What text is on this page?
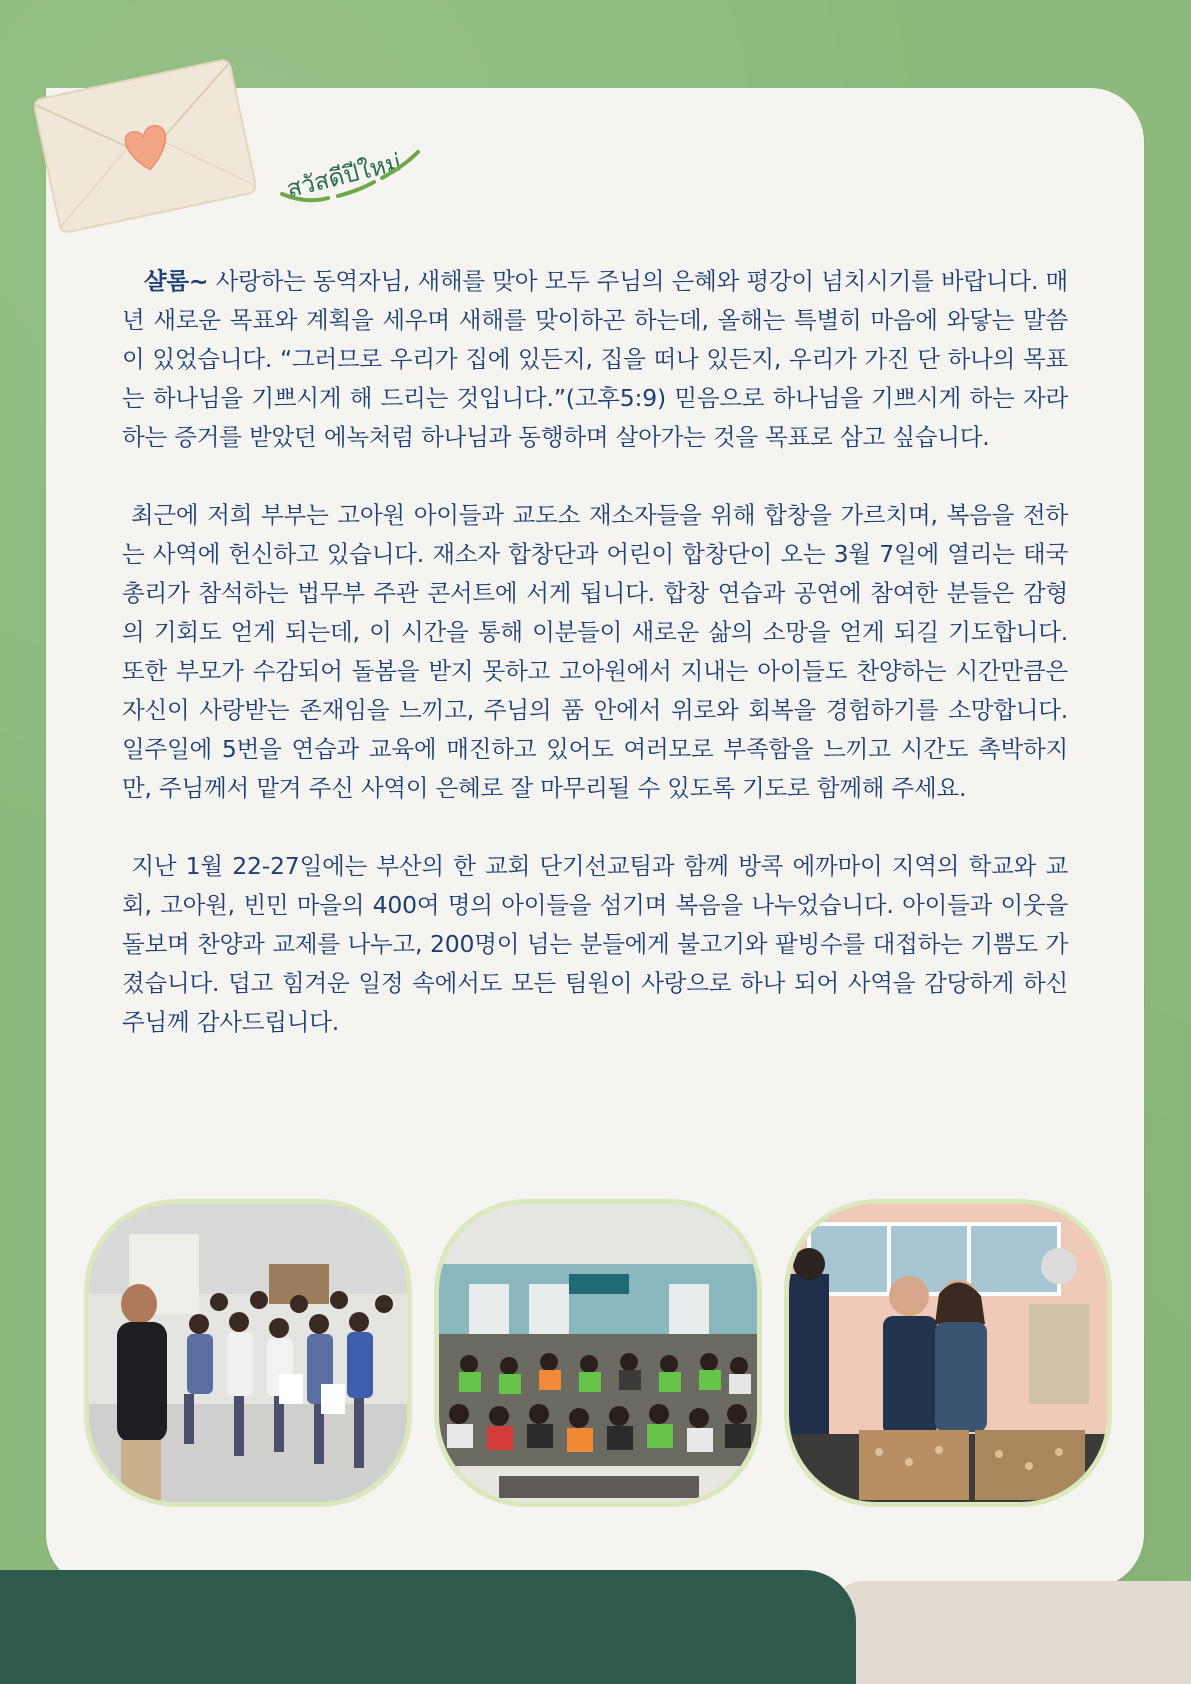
สวัสดีปีใหม่

샬롬~ 사랑하는 동역자님, 새해를 맞아 모두 주님의 은혜와 평강이 넘치시기를 바랍니다. 매년 새로운 목표와 계획을 세우며 새해를 맞이하곤 하는데, 올해는 특별히 마음에 와닿는 말씀이 있었습니다. “그러므로 우리가 집에 있든지, 집을 떠나 있든지, 우리가 가진 단 하나의 목표는 하나님을 기쁘시게 해 드리는 것입니다.”(고후5:9) 믿음으로 하나님을 기쁘시게 하는 자라 하는 증거를 받았던 에녹처럼 하나님과 동행하며 살아가는 것을 목표로 삼고 싶습니다.

최근에 저희 부부는 고아원 아이들과 교도소 재소자들을 위해 합창을 가르치며, 복음을 전하는 사역에 헌신하고 있습니다. 재소자 합창단과 어린이 합창단이 오는 3월 7일에 열리는 태국 총리가 참석하는 법무부 주관 콘서트에 서게 됩니다. 합창 연습과 공연에 참여한 분들은 감형의 기회도 얻게 되는데, 이 시간을 통해 이분들이 새로운 삶의 소망을 얻게 되길 기도합니다. 또한 부모가 수감되어 돌봄을 받지 못하고 고아원에서 지내는 아이들도 찬양하는 시간만큼은 자신이 사랑받는 존재임을 느끼고, 주님의 품 안에서 위로와 회복을 경험하기를 소망합니다. 일주일에 5번을 연습과 교육에 매진하고 있어도 여러모로 부족함을 느끼고 시간도 촉박하지만, 주님께서 맡겨 주신 사역이 은혜로 잘 마무리될 수 있도록 기도로 함께해 주세요.

지난 1월 22-27일에는 부산의 한 교회 단기선교팀과 함께 방콕 에까마이 지역의 학교와 교회, 고아원, 빈민 마을의 400여 명의 아이들을 섬기며 복음을 나누었습니다. 아이들과 이웃을 돌보며 찬양과 교제를 나누고, 200명이 넘는 분들에게 불고기와 팥빙수를 대접하는 기쁨도 가졌습니다. 덥고 힘겨운 일정 속에서도 모든 팀원이 사랑으로 하나 되어 사역을 감당하게 하신 주님께 감사드립니다.
